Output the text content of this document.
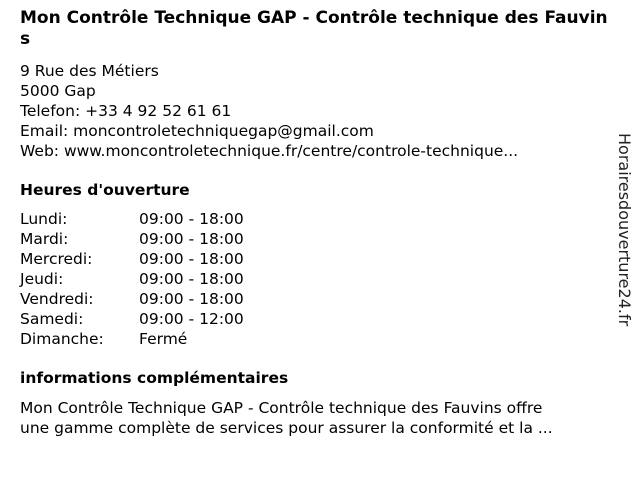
Mon Contrôle Technique GAP - Contrôle technique des Fauvins
9 Rue des Métiers
5000 Gap
Telefon: +33 4 92 52 61 61
Email: moncontroletechniquegap@gmail.com
Web: www.moncontroletechnique.fr/centre/controle-technique...
Heures d'ouverture
Lundi:	09:00 - 18:00
Mardi:	09:00 - 18:00
Mercredi:	09:00 - 18:00
Jeudi:	09:00 - 18:00
Vendredi:	09:00 - 18:00
Samedi:	09:00 - 12:00
Dimanche:	Fermé
informations complémentaires
Mon Contrôle Technique GAP - Contrôle technique des Fauvins offre
une gamme complète de services pour assurer la conformité et la ...
Horairesdouverture24.fr
